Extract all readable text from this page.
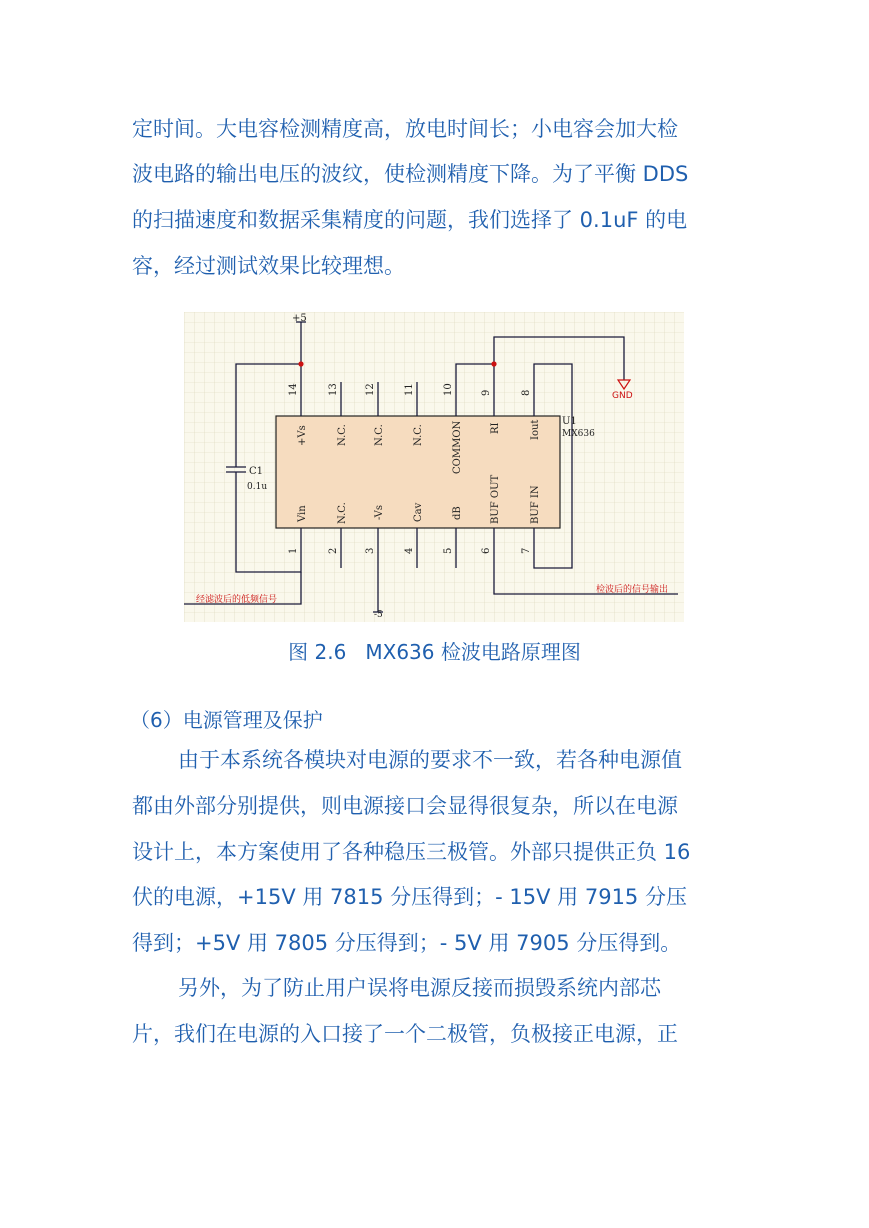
定时间。大电容检测精度高，放电时间长；小电容会加大检
波电路的输出电压的波纹，使检测精度下降。为了平衡 DDS
的扫描速度和数据采集精度的问题，我们选择了 0.1uF 的电
容，经过测试效果比较理想。
14	13	12	11	10	9	8
+Vs	N.C.	N.C.	N.C.	COMMON	RI	Iout
Vin	N.C.	-Vs	Cav	dB	BUF OUT	BUF IN
1	2	3	4	5	6	7
+5
-5
GND
U1
MX636
C1
0.1u
经滤波后的低频信号
检波后的信号输出
图 2.6   MX636 检波电路原理图
（6）电源管理及保护
由于本系统各模块对电源的要求不一致，若各种电源值
都由外部分别提供，则电源接口会显得很复杂，所以在电源
设计上，本方案使用了各种稳压三极管。外部只提供正负 16
伏的电源，+15V 用 7815 分压得到；- 15V 用 7915 分压
得到；+5V 用 7805 分压得到；- 5V 用 7905 分压得到。
另外，为了防止用户误将电源反接而损毁系统内部芯
片，我们在电源的入口接了一个二极管，负极接正电源，正
